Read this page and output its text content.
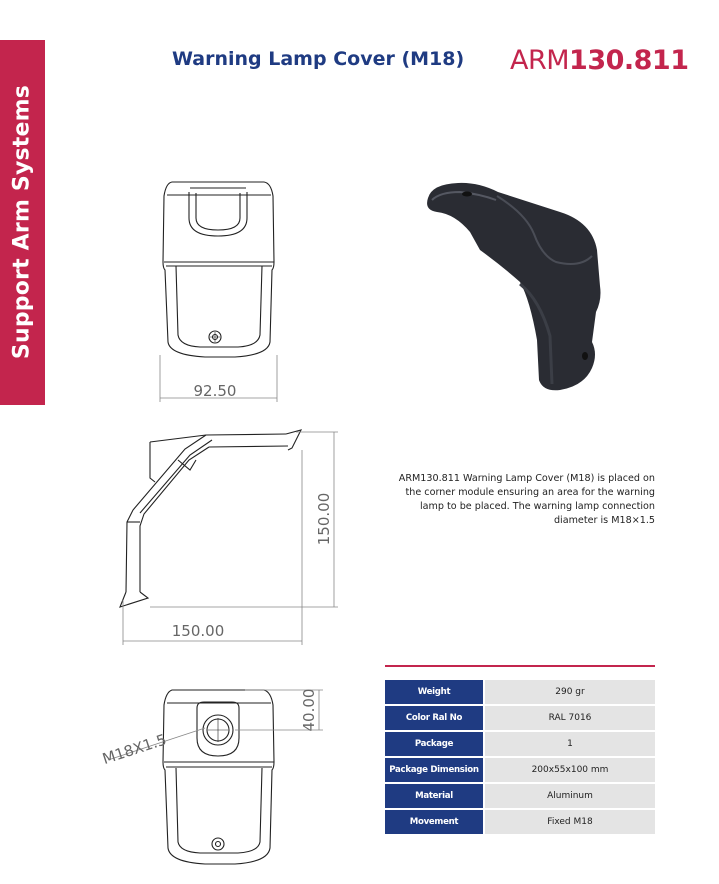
Support Arm Systems
Warning Lamp Cover (M18) ARM130.811
92.50
150.00
150.00
40.00
M18X1.5
ARM130.811 Warning Lamp Cover (M18) is placed on the corner module ensuring an area for the warning lamp to be placed. The warning lamp connection diameter is M18×1.5
Weight	290 gr
Color Ral No	RAL 7016
Package	1
Package Dimension	200x55x100 mm
Material	Aluminum
Movement	Fixed M18
